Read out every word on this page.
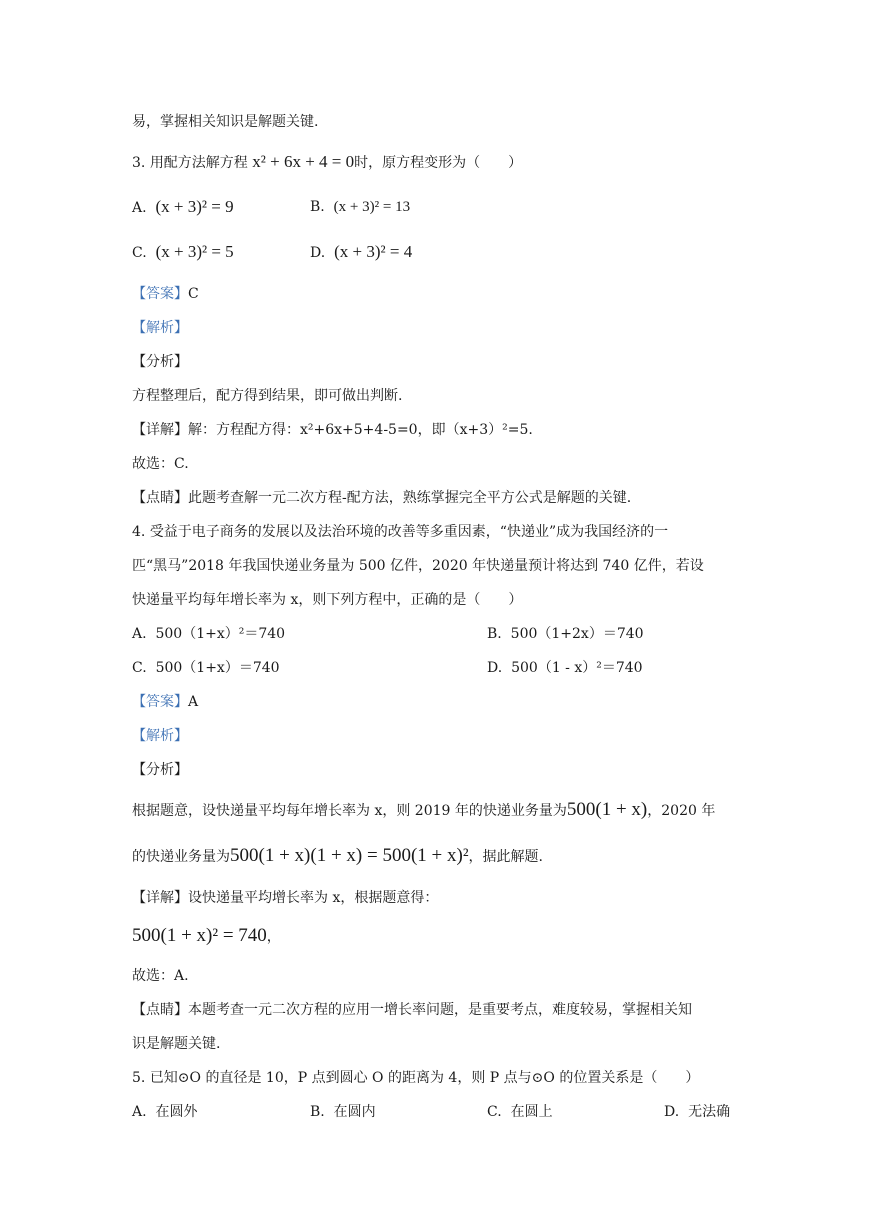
易，掌握相关知识是解题关键.
3. 用配方法解方程 x² + 6x + 4 = 0时，原方程变形为（　　）
A. (x + 3)² = 9	B. (x + 3)² = 13
C. (x + 3)² = 5	D. (x + 3)² = 4
【答案】C
【解析】
【分析】
方程整理后，配方得到结果，即可做出判断.
【详解】解：方程配方得：x²+6x+5+4-5=0，即（x+3）²=5.
故选：C.
【点睛】此题考查解一元二次方程-配方法，熟练掌握完全平方公式是解题的关键.
4. 受益于电子商务的发展以及法治环境的改善等多重因素，“快递业”成为我国经济的一
匹“黑马”2018 年我国快递业务量为 500 亿件，2020 年快递量预计将达到 740 亿件，若设
快递量平均每年增长率为 x，则下列方程中，正确的是（　　）
A. 500（1+x）²＝740	B. 500（1+2x）＝740
C. 500（1+x）＝740	D. 500（1 - x）²＝740
【答案】A
【解析】
【分析】
根据题意，设快递量平均每年增长率为 x，则 2019 年的快递业务量为500(1 + x)，2020 年
的快递业务量为500(1 + x)(1 + x) = 500(1 + x)²，据此解题.
【详解】设快递量平均增长率为 x，根据题意得：
500(1 + x)² = 740，
故选：A.
【点睛】本题考查一元二次方程的应用一增长率问题，是重要考点，难度较易，掌握相关知
识是解题关键.
5. 已知⊙O 的直径是 10，P 点到圆心 O 的距离为 4，则 P 点与⊙O 的位置关系是（　　）
A. 在圆外	B. 在圆内	C. 在圆上	D. 无法确
